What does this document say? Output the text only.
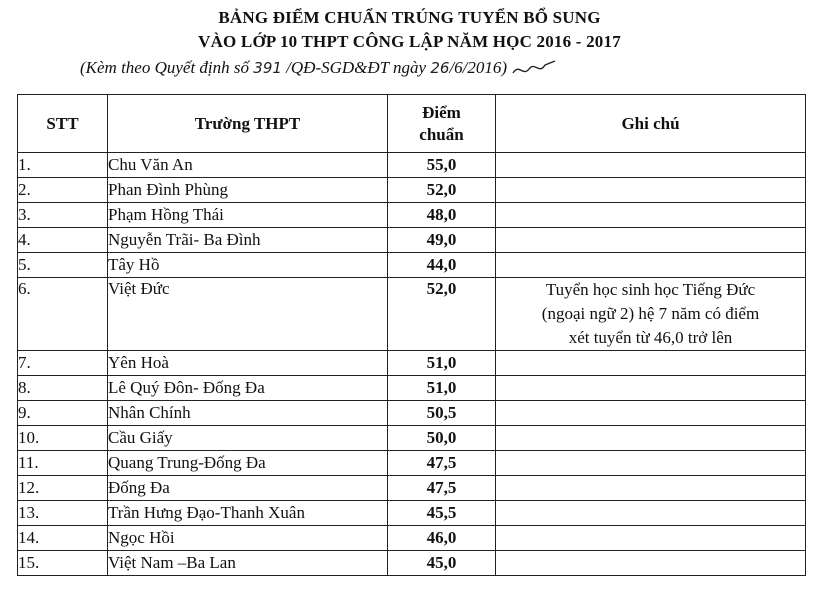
BẢNG ĐIỂM CHUẨN TRÚNG TUYỂN BỔ SUNG
VÀO LỚP 10 THPT CÔNG LẬP NĂM HỌC 2016 - 2017
(Kèm theo Quyết định số 391 /QĐ-SGD&ĐT ngày 26/6/2016)
STT	Trường THPT	Điểm chuẩn	Ghi chú
1.	Chu Văn An	55,0	
2.	Phan Đình Phùng	52,0	
3.	Phạm Hồng Thái	48,0	
4.	Nguyễn Trãi- Ba Đình	49,0	
5.	Tây Hồ	44,0	
6.	Việt Đức	52,0	Tuyển học sinh học Tiếng Đức
(ngoại ngữ 2) hệ 7 năm có điểm
xét tuyển từ 46,0 trở lên

7.	Yên Hoà	51,0	
8.	Lê Quý Đôn- Đống Đa	51,0	
9.	Nhân Chính	50,5	
10.	Cầu Giấy	50,0	
11.	Quang Trung-Đống Đa	47,5	
12.	Đống Đa	47,5	
13.	Trần Hưng Đạo-Thanh Xuân	45,5	
14.	Ngọc Hồi	46,0	
15.	Việt Nam –Ba Lan	45,0	
